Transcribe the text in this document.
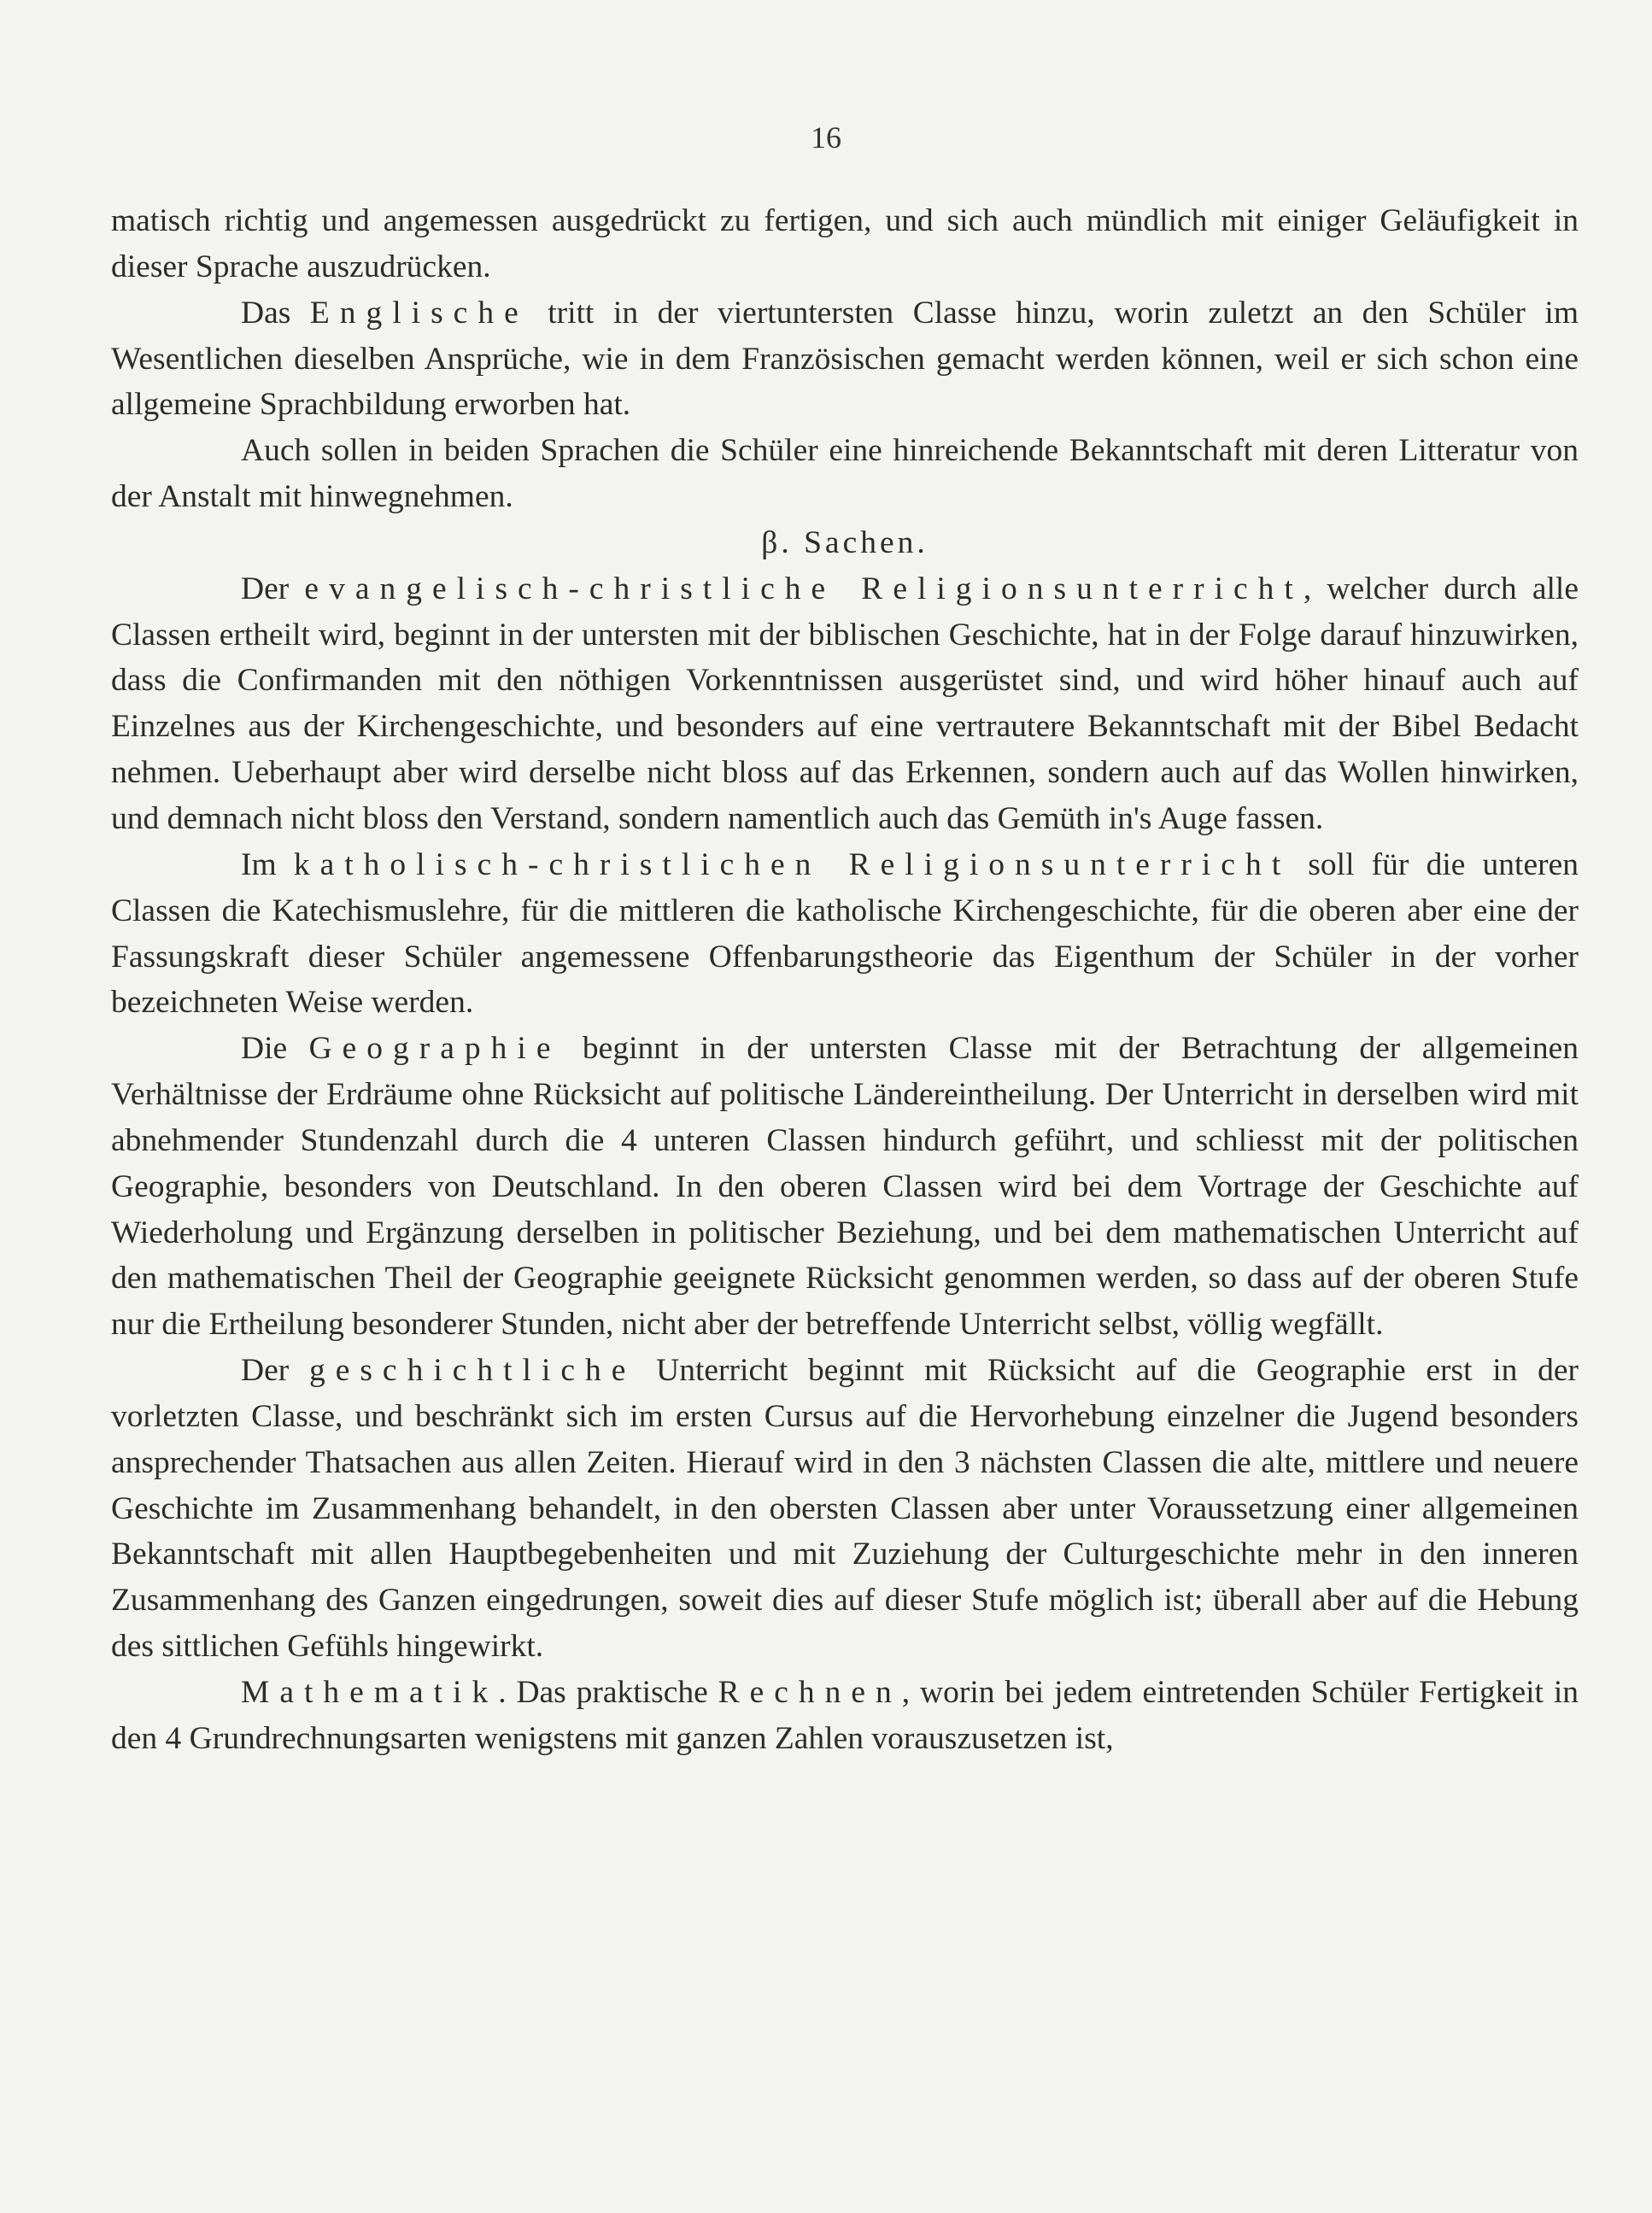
16

matisch richtig und angemessen ausgedrückt zu fertigen, und sich auch mündlich mit einiger Geläufigkeit in dieser Sprache auszudrücken.

Das Englische tritt in der viertuntersten Classe hinzu, worin zuletzt an den Schüler im Wesentlichen dieselben Ansprüche, wie in dem Französischen gemacht werden können, weil er sich schon eine allgemeine Sprachbildung erworben hat.

Auch sollen in beiden Sprachen die Schüler eine hinreichende Bekanntschaft mit deren Litteratur von der Anstalt mit hinwegnehmen.

β. Sachen.

Der evangelisch-christliche Religionsunterricht, welcher durch alle Classen ertheilt wird, beginnt in der untersten mit der biblischen Geschichte, hat in der Folge darauf hinzuwirken, dass die Confirmanden mit den nöthigen Vorkenntnissen ausgerüstet sind, und wird höher hinauf auch auf Einzelnes aus der Kirchengeschichte, und besonders auf eine vertrautere Bekanntschaft mit der Bibel Bedacht nehmen. Ueberhaupt aber wird derselbe nicht bloss auf das Erkennen, sondern auch auf das Wollen hinwirken, und demnach nicht bloss den Verstand, sondern namentlich auch das Gemüth in's Auge fassen.

Im katholisch-christlichen Religionsunterricht soll für die unteren Classen die Katechismuslehre, für die mittleren die katholische Kirchengeschichte, für die oberen aber eine der Fassungskraft dieser Schüler angemessene Offenbarungstheorie das Eigenthum der Schüler in der vorher bezeichneten Weise werden.

Die Geographie beginnt in der untersten Classe mit der Betrachtung der allgemeinen Verhältnisse der Erdräume ohne Rücksicht auf politische Ländereintheilung. Der Unterricht in derselben wird mit abnehmender Stundenzahl durch die 4 unteren Classen hindurch geführt, und schliesst mit der politischen Geographie, besonders von Deutschland. In den oberen Classen wird bei dem Vortrage der Geschichte auf Wiederholung und Ergänzung derselben in politischer Beziehung, und bei dem mathematischen Unterricht auf den mathematischen Theil der Geographie geeignete Rücksicht genommen werden, so dass auf der oberen Stufe nur die Ertheilung besonderer Stunden, nicht aber der betreffende Unterricht selbst, völlig wegfällt.

Der geschichtliche Unterricht beginnt mit Rücksicht auf die Geographie erst in der vorletzten Classe, und beschränkt sich im ersten Cursus auf die Hervorhebung einzelner die Jugend besonders ansprechender Thatsachen aus allen Zeiten. Hierauf wird in den 3 nächsten Classen die alte, mittlere und neuere Geschichte im Zusammenhang behandelt, in den obersten Classen aber unter Voraussetzung einer allgemeinen Bekanntschaft mit allen Hauptbegebenheiten und mit Zuziehung der Culturgeschichte mehr in den inneren Zusammenhang des Ganzen eingedrungen, soweit dies auf dieser Stufe möglich ist; überall aber auf die Hebung des sittlichen Gefühls hingewirkt.

Mathematik. Das praktische Rechnen, worin bei jedem eintretenden Schüler Fertigkeit in den 4 Grundrechnungsarten wenigstens mit ganzen Zahlen vorauszusetzen ist,
